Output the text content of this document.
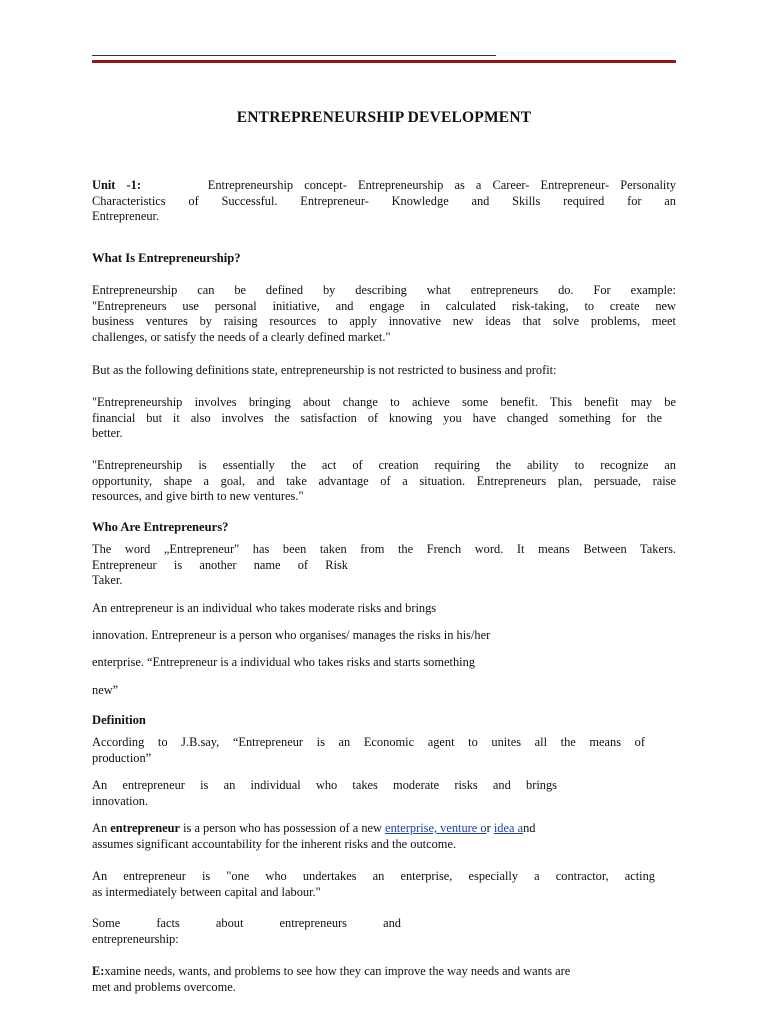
ENTREPRENEURSHIP DEVELOPMENT
Unit -1:	Entrepreneurship concept- Entrepreneurship as a Career- Entrepreneur- Personality
Characteristics of Successful. Entrepreneur- Knowledge and Skills required for an
Entrepreneur.
What Is Entrepreneurship?
Entrepreneurship can be defined by describing what entrepreneurs do. For example:
"Entrepreneurs use personal initiative, and engage in calculated risk-taking, to create new
business ventures by raising resources to apply innovative new ideas that solve problems, meet
challenges, or satisfy the needs of a clearly defined market."
But as the following definitions state, entrepreneurship is not restricted to business and profit:
"Entrepreneurship involves bringing about change to achieve some benefit. This benefit may be
financial but it also involves the satisfaction of knowing you have changed something for the
better.
"Entrepreneurship is essentially the act of creation requiring the ability to recognize an
opportunity, shape a goal, and take advantage of a situation. Entrepreneurs plan, persuade, raise
resources, and give birth to new ventures."
Who Are Entrepreneurs?
The word „Entrepreneur" has been taken from the French word. It means Between Takers.
Entrepreneur is another name of Risk
Taker.
An entrepreneur is an individual who takes moderate risks and brings
innovation. Entrepreneur is a person who organises/ manages the risks in his/her
enterprise. “Entrepreneur is a individual who takes risks and starts something
new”
Definition
According to J.B.say, “Entrepreneur is an Economic agent to unites all the means of
production”
An entrepreneur is an individual who takes moderate risks and brings
innovation.
An entrepreneur is a person who has possession of a new enterprise, venture or idea and
assumes significant accountability for the inherent risks and the outcome.
An entrepreneur is "one who undertakes an enterprise, especially a contractor, acting
as intermediately between capital and labour."
Some facts about entrepreneurs and
entrepreneurship:
E:xamine needs, wants, and problems to see how they can improve the way needs and wants are
met and problems overcome.
